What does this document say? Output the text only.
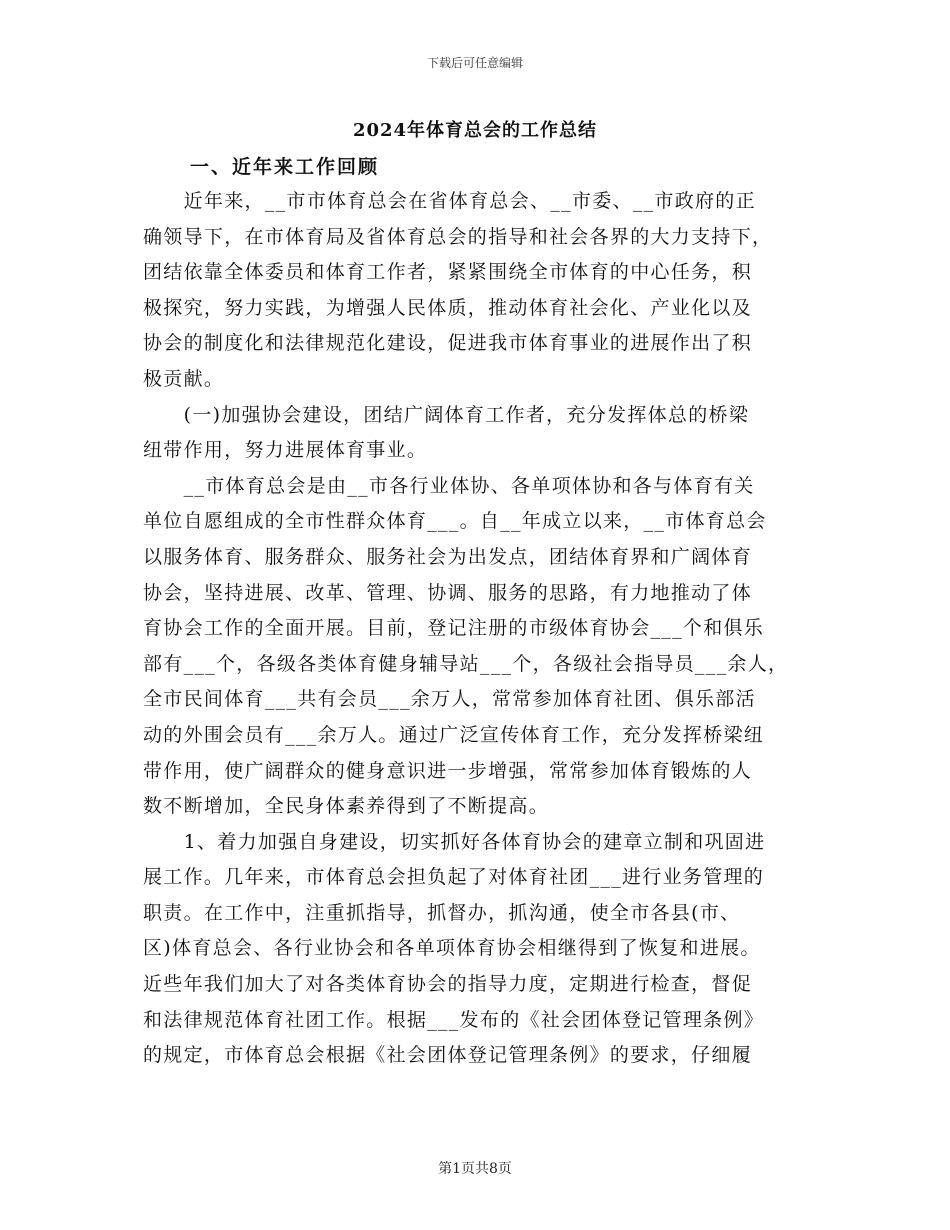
下载后可任意编辑
2024年体育总会的工作总结
一、近年来工作回顾
　　近年来，__市市体育总会在省体育总会、__市委、__市政府的正
确领导下，在市体育局及省体育总会的指导和社会各界的大力支持下，
团结依靠全体委员和体育工作者，紧紧围绕全市体育的中心任务，积
极探究，努力实践，为增强人民体质，推动体育社会化、产业化以及
协会的制度化和法律规范化建设，促进我市体育事业的进展作出了积
极贡献。
　　(一)加强协会建设，团结广阔体育工作者，充分发挥体总的桥梁
纽带作用，努力进展体育事业。
　　__市体育总会是由__市各行业体协、各单项体协和各与体育有关
单位自愿组成的全市性群众体育___。自__年成立以来，__市体育总会
以服务体育、服务群众、服务社会为出发点，团结体育界和广阔体育
协会，坚持进展、改革、管理、协调、服务的思路，有力地推动了体
育协会工作的全面开展。目前，登记注册的市级体育协会___个和俱乐
部有___个，各级各类体育健身辅导站___个，各级社会指导员___余人，
全市民间体育___共有会员___余万人，常常参加体育社团、俱乐部活
动的外围会员有___余万人。通过广泛宣传体育工作，充分发挥桥梁纽
带作用，使广阔群众的健身意识进一步增强，常常参加体育锻炼的人
数不断增加，全民身体素养得到了不断提高。
　　1、着力加强自身建设，切实抓好各体育协会的建章立制和巩固进
展工作。几年来，市体育总会担负起了对体育社团___进行业务管理的
职责。在工作中，注重抓指导，抓督办，抓沟通，使全市各县(市、
区)体育总会、各行业协会和各单项体育协会相继得到了恢复和进展。
近些年我们加大了对各类体育协会的指导力度，定期进行检查，督促
和法律规范体育社团工作。根据___发布的《社会团体登记管理条例》
的规定，市体育总会根据《社会团体登记管理条例》的要求，仔细履
第1页共8页
